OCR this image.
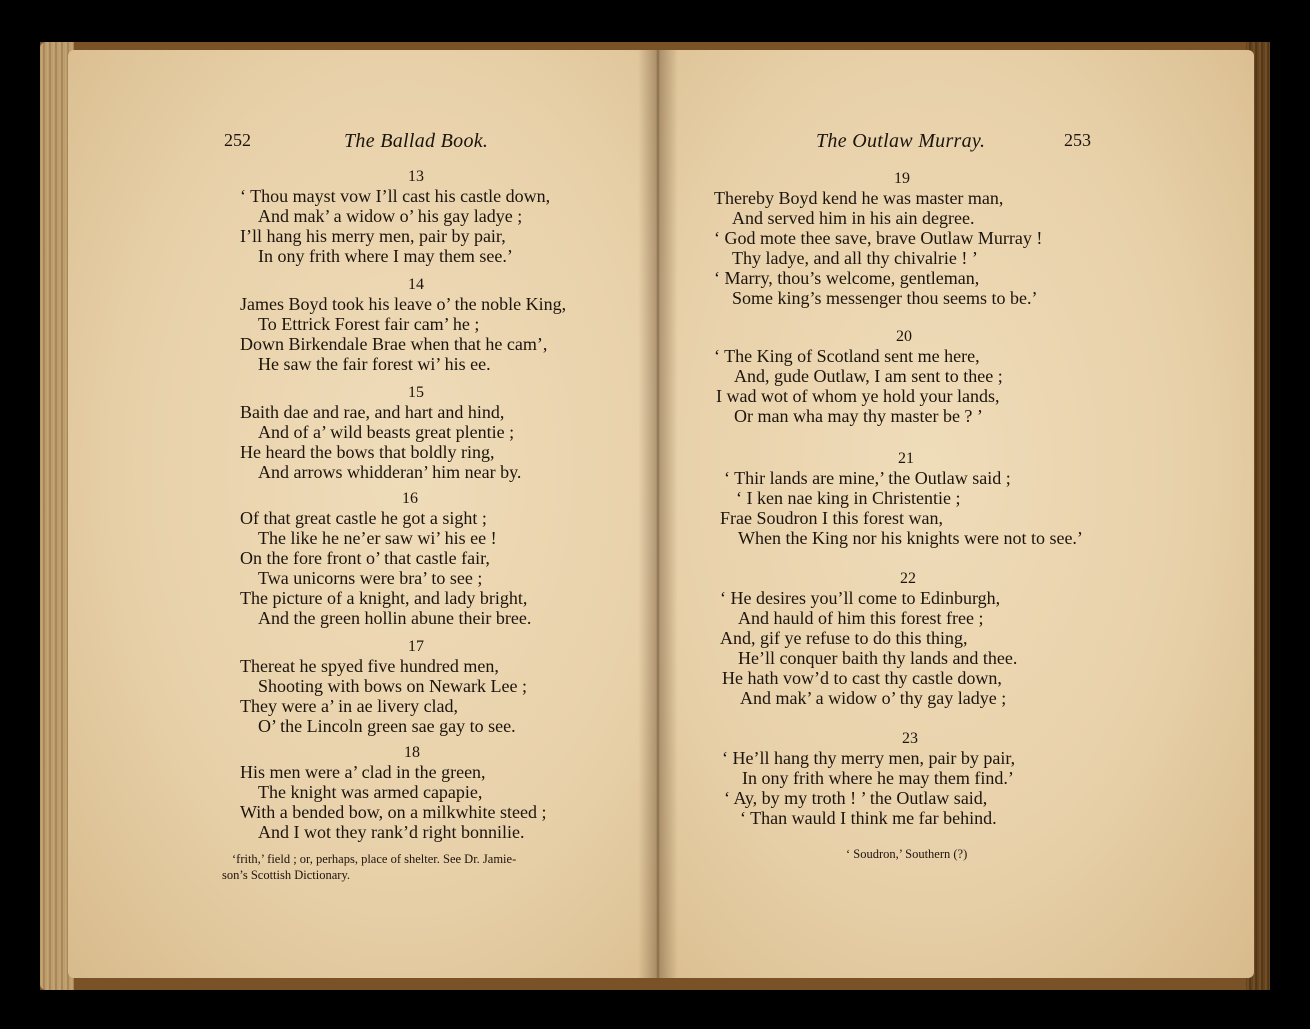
252	The Ballad Book.
13
‘ Thou mayst vow I’ll cast his castle down,
And mak’ a widow o’ his gay ladye ;
I’ll hang his merry men, pair by pair,
In ony frith where I may them see.’
14
James Boyd took his leave o’ the noble King,
To Ettrick Forest fair cam’ he ;
Down Birkendale Brae when that he cam’,
He saw the fair forest wi’ his ee.
15
Baith dae and rae, and hart and hind,
And of a’ wild beasts great plentie ;
He heard the bows that boldly ring,
And arrows whidderan’ him near by.
16
Of that great castle he got a sight ;
The like he ne’er saw wi’ his ee !
On the fore front o’ that castle fair,
Twa unicorns were bra’ to see ;
The picture of a knight, and lady bright,
And the green hollin abune their bree.
17
Thereat he spyed five hundred men,
Shooting with bows on Newark Lee ;
They were a’ in ae livery clad,
O’ the Lincoln green sae gay to see.
18
His men were a’ clad in the green,
The knight was armed capapie,
With a bended bow, on a milkwhite steed ;
And I wot they rank’d right bonnilie.
‘frith,’ field ; or, perhaps, place of shelter. See Dr. Jamie-
son’s Scottish Dictionary.
The Outlaw Murray.	253
19
Thereby Boyd kend he was master man,
And served him in his ain degree.
‘ God mote thee save, brave Outlaw Murray !
Thy ladye, and all thy chivalrie ! ’
‘ Marry, thou’s welcome, gentleman,
Some king’s messenger thou seems to be.’
20
‘ The King of Scotland sent me here,
And, gude Outlaw, I am sent to thee ;
I wad wot of whom ye hold your lands,
Or man wha may thy master be ? ’
21
‘ Thir lands are mine,’ the Outlaw said ;
‘ I ken nae king in Christentie ;
Frae Soudron I this forest wan,
When the King nor his knights were not to see.’
22
‘ He desires you’ll come to Edinburgh,
And hauld of him this forest free ;
And, gif ye refuse to do this thing,
He’ll conquer baith thy lands and thee.
He hath vow’d to cast thy castle down,
And mak’ a widow o’ thy gay ladye ;
23
‘ He’ll hang thy merry men, pair by pair,
In ony frith where he may them find.’
‘ Ay, by my troth ! ’ the Outlaw said,
‘ Than wauld I think me far behind.
‘ Soudron,’ Southern (?)
